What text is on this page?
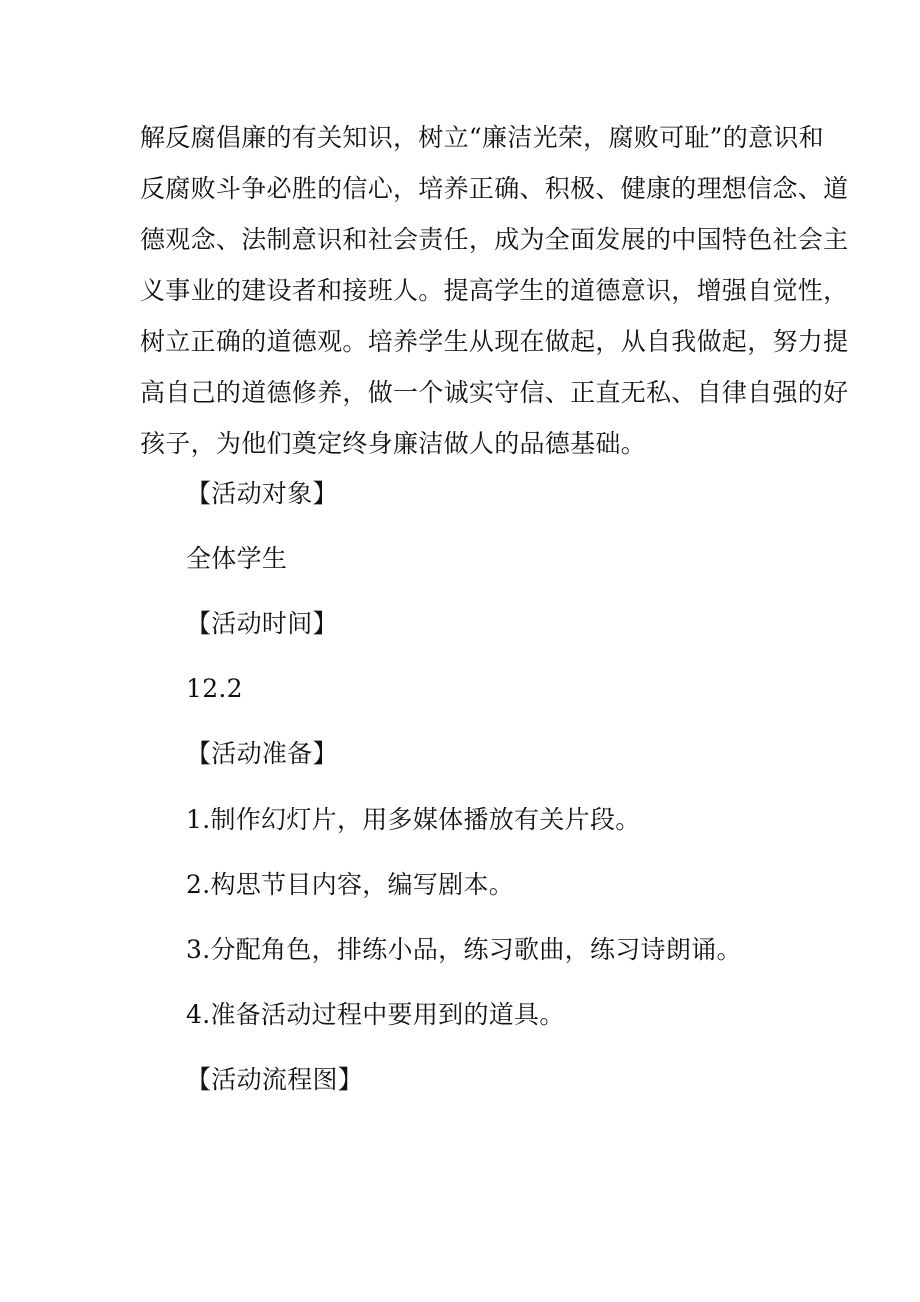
解反腐倡廉的有关知识，树立“廉洁光荣，腐败可耻”的意识和
反腐败斗争必胜的信心，培养正确、积极、健康的理想信念、道
德观念、法制意识和社会责任，成为全面发展的中国特色社会主
义事业的建设者和接班人。提高学生的道德意识，增强自觉性，
树立正确的道德观。培养学生从现在做起，从自我做起，努力提
高自己的道德修养，做一个诚实守信、正直无私、自律自强的好
孩子，为他们奠定终身廉洁做人的品德基础。
【活动对象】
全体学生
【活动时间】
12.2
【活动准备】
1.制作幻灯片，用多媒体播放有关片段。
2.构思节目内容，编写剧本。
3.分配角色，排练小品，练习歌曲，练习诗朗诵。
4.准备活动过程中要用到的道具。
【活动流程图】
